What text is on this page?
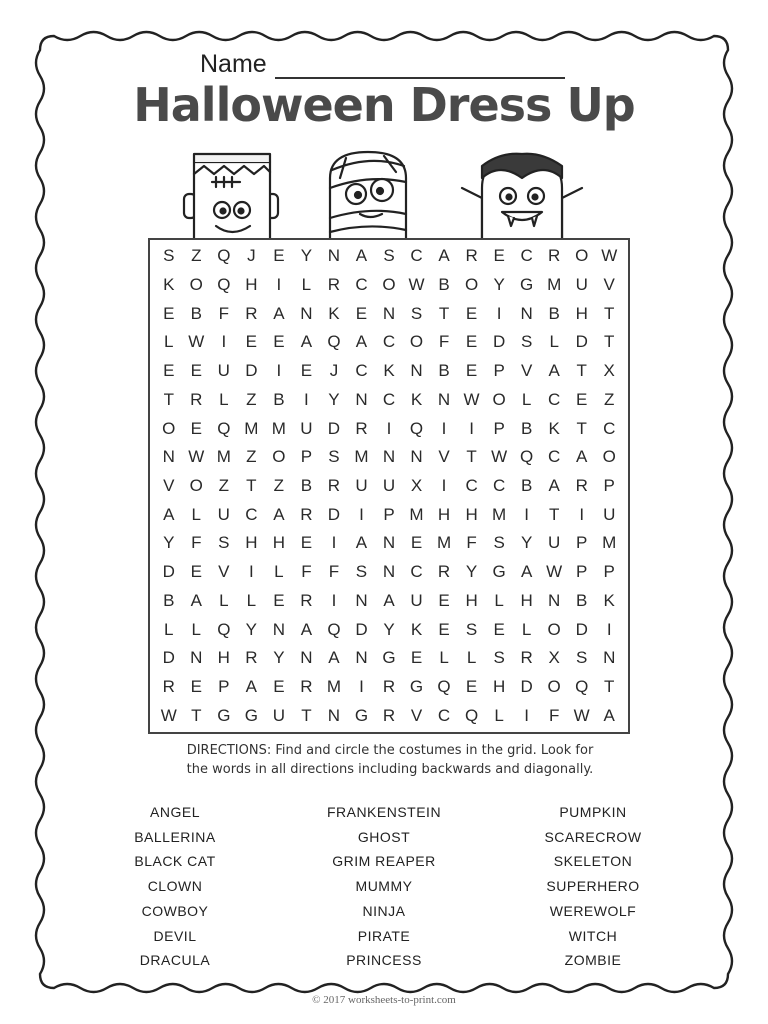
Name
Halloween Dress Up
S Z Q J	E Y N A S C A R E C R O W
K O Q H	I	L R C O W B O Y G M U V
E B F R A N K E N S T E	I	N B H T
L W	I	E E A Q A C O F E D S	L D T
E E U D	I	E	J	C K N B E P V A T X
T R L	Z B	I	Y N C K N W O L C E Z
O E Q M M U D R	I	Q	I	I	P B K T C
N W M Z O P S M N N V T W Q C A O
V O Z	T	Z B R U U X	I	C C B A R P
A	L U C A R D	I	P M H H M	I	T	I	U
Y F S H H E	I	A N E M F S Y U P M
D E V	I	L	F	F S N C R Y G A W P P
B A	L	L	E R	I	N A U E H L H N B K
L	L Q Y N A Q D Y K E S E	L O D	I
D N H R Y N A N G E	L	L	S R X S N
R E P A E R M	I	R G Q E H D O Q T
W T G G U T N G R V C Q L	I	F W A
DIRECTIONS: Find and circle the costumes in the grid. Look for
the words in all directions including backwards and diagonally.
ANGEL
BALLERINA
BLACK CAT
CLOWN
COWBOY
DEVIL
DRACULA
FRANKENSTEIN
GHOST
GRIM REAPER
MUMMY
NINJA
PIRATE
PRINCESS
PUMPKIN
SCARECROW
SKELETON
SUPERHERO
WEREWOLF
WITCH
ZOMBIE
© 2017 worksheets-to-print.com
